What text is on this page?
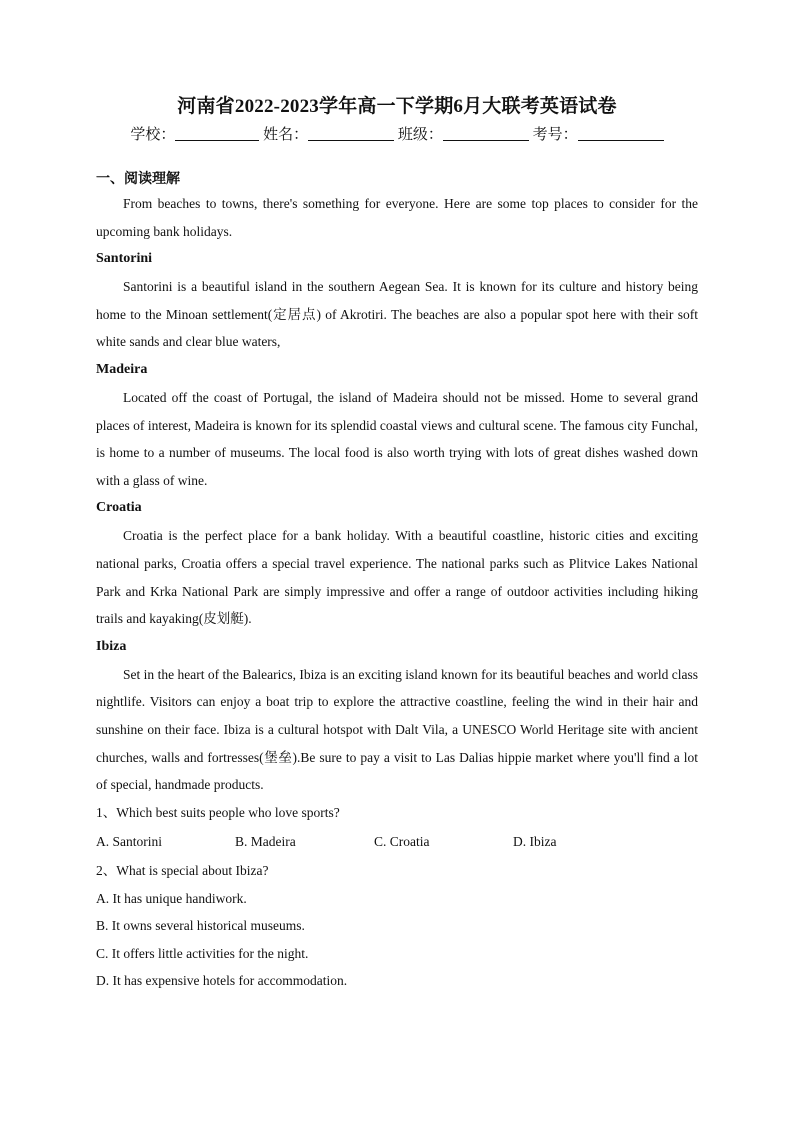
河南省2022-2023学年高一下学期6月大联考英语试卷
学校：	姓名：	班级：	考号：
一、阅读理解

From beaches to towns, there's something for everyone. Here are some top places to consider for the upcoming bank holidays.

Santorini

Santorini is a beautiful island in the southern Aegean Sea. It is known for its culture and history being home to the Minoan settlement(定居点) of Akrotiri. The beaches are also a popular spot here with their soft white sands and clear blue waters,

Madeira

Located off the coast of Portugal, the island of Madeira should not be missed. Home to several grand places of interest, Madeira is known for its splendid coastal views and cultural scene. The famous city Funchal, is home to a number of museums. The local food is also worth trying with lots of great dishes washed down with a glass of wine.

Croatia

Croatia is the perfect place for a bank holiday. With a beautiful coastline, historic cities and exciting national parks, Croatia offers a special travel experience. The national parks such as Plitvice Lakes National Park and Krka National Park are simply impressive and offer a range of outdoor activities including hiking trails and kayaking(皮划艇).

Ibiza

Set in the heart of the Balearics, Ibiza is an exciting island known for its beautiful beaches and world class nightlife. Visitors can enjoy a boat trip to explore the attractive coastline, feeling the wind in their hair and sunshine on their face. Ibiza is a cultural hotspot with Dalt Vila, a UNESCO World Heritage site with ancient churches, walls and fortresses(堡垒).Be sure to pay a visit to Las Dalias hippie market where you'll find a lot of special, handmade products.

1、Which best suits people who love sports?
A. Santorini	B. Madeira	C. Croatia	D. Ibiza
2、What is special about Ibiza?
A. It has unique handiwork.
B. It owns several historical museums.
C. It offers little activities for the night.
D. It has expensive hotels for accommodation.
